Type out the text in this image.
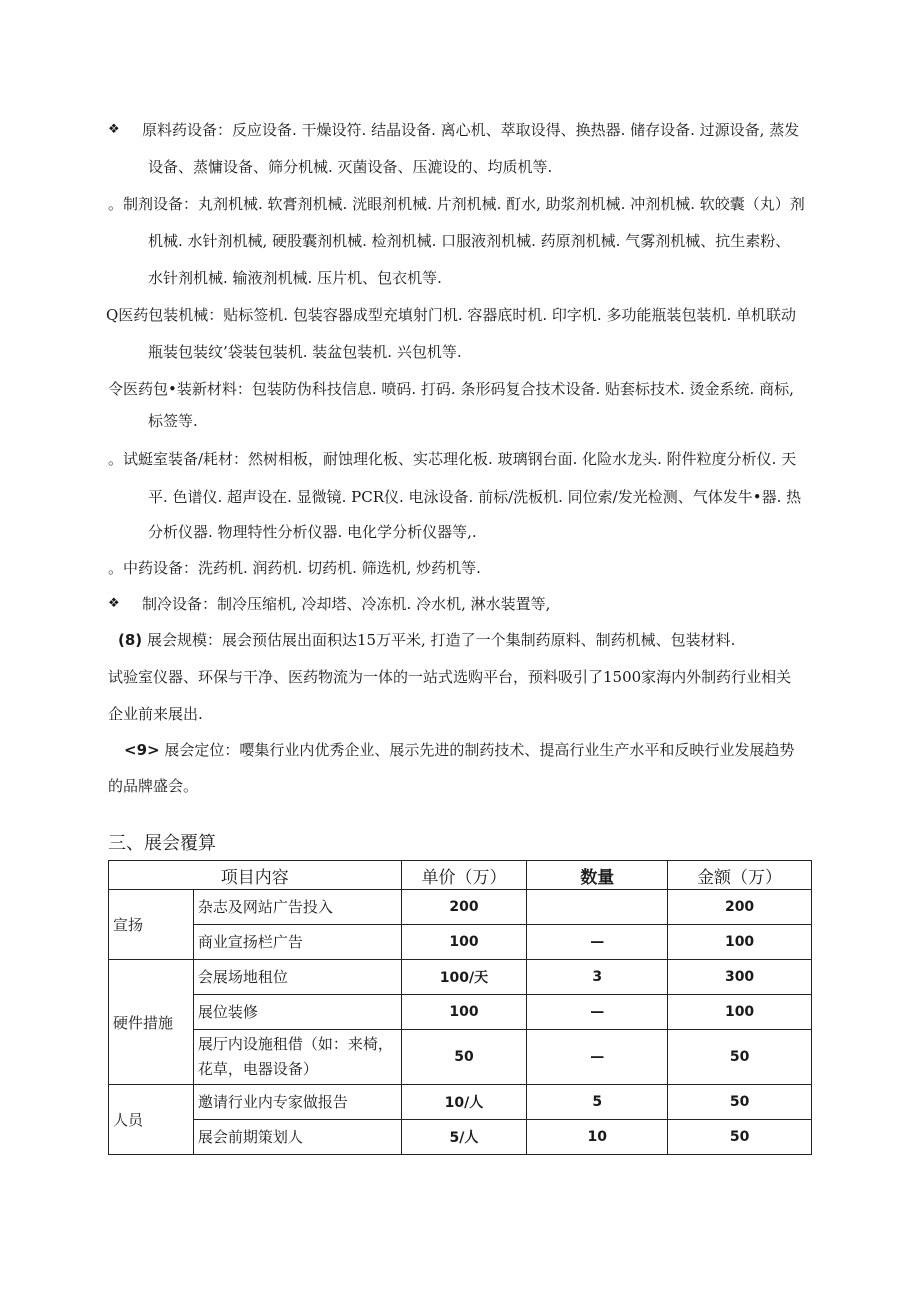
❖ 原料药设备：反应设备. 干燥设符. 结晶设备. 离心机、萃取设得、换热器. 储存设备. 过源设备, 蒸发
设备、蒸慵设备、筛分机械. 灭菌设备、压漉设的、均质机等.
。制剂设备：丸剂机械. 软膏剂机械. 洸眼剂机械. 片剂机械. 酊水, 助浆剂机械. 冲剂机械. 软皎囊（丸）剂
机械. 水针剂机械, 硬股囊剂机械. 检剂机械. 口服液剂机械. 药原剂机械. 气雾剂机械、抗生素粉、
水针剂机械. 输液剂机械. 压片机、包衣机等.
Q医药包装机械：贴标签机. 包装容器成型充填射门机. 容器底时机. 印字机. 多功能瓶装包装机. 单机联动
瓶装包装纹’袋装包装机. 装盆包装机. 兴包机等.
令医药包•装新材料：包装防伪科技信息. 喷码. 打码. 条形码复合技术设备. 贴套标技术. 烫金系统. 商标,
标签等.
。试蜓室装备/耗材：然树相板，耐蚀理化板、实芯理化板. 玻璃钢台面. 化险水龙头. 附件粒度分析仪. 天
平. 色谱仪. 超声设在. 显微镜. PCR仪. 电泳设备. 前标/洗板机. 同位索/发光检测、气体发牛•器. 热
分析仪器. 物理特性分析仪器. 电化学分析仪器等,.
。中药设备：洗药机. 润药机. 切药机. 筛选机, 炒药机等.
❖ 制冷设备：制冷压缩机, 冷却塔、冷冻机. 冷水机, 淋水装置等,
(8) 展会规模：展会预估展出面积达15万平米, 打造了一个集制药原料、制药机械、包装材料.
试验室仪器、环保与干净、医药物流为一体的一站式选购平台，预料吸引了1500家海内外制药行业相关
企业前来展出.
<9> 展会定位：嘤集行业内优秀企业、展示先进的制药技术、提高行业生产水平和反映行业发展趋势
的品牌盛会。
三、展会覆算
项目内容		单价（万）	数量	金额（万）
宣扬	杂志及网站广告投入	200		200
	商业宣扬栏广告	100	—	100
硬件措施	会展场地租位	100/天	3	300
	展位装修	100	—	100
	展厅内设施租借（如：来椅，花草，电器设备）	50	—	50
人员	邀请行业内专家做报告	10/人	5	50
	展会前期策划人	5/人	10	50
